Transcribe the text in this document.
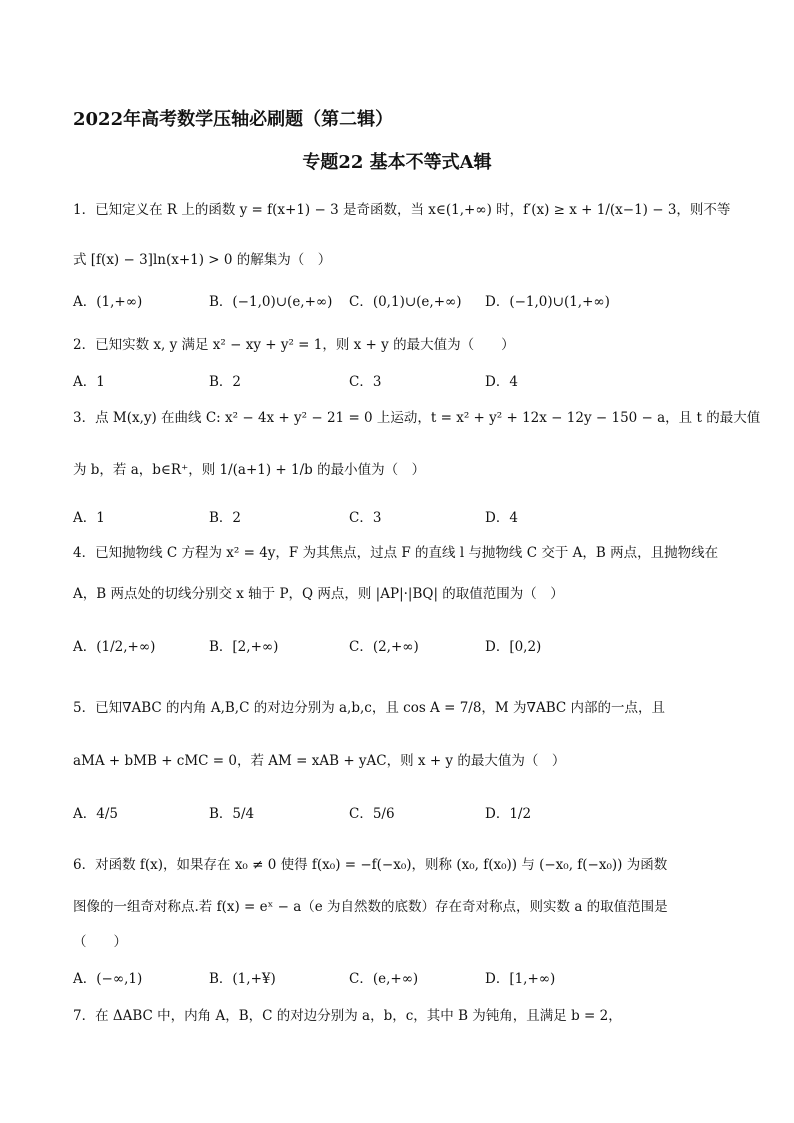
2022年高考数学压轴必刷题（第二辑）
专题22 基本不等式A辑
1．已知定义在 R 上的函数 y = f(x+1) − 3 是奇函数，当 x∈(1,+∞) 时，f′(x) ≥ x + 1/(x−1) − 3，则不等
式 [f(x) − 3]ln(x+1) > 0 的解集为（　）
A．(1,+∞)	B．(−1,0)∪(e,+∞) C．(0,1)∪(e,+∞) D．(−1,0)∪(1,+∞)
2．已知实数 x, y 满足 x² − xy + y² = 1，则 x + y 的最大值为（　　）
A．1	B．2	C．3	D．4
3．点 M(x,y) 在曲线 C: x² − 4x + y² − 21 = 0 上运动，t = x² + y² + 12x − 12y − 150 − a，且 t 的最大值
为 b，若 a，b∈R⁺，则 1/(a+1) + 1/b 的最小值为（　）
A．1	B．2	C．3	D．4
4．已知抛物线 C 方程为 x² = 4y，F 为其焦点，过点 F 的直线 l 与抛物线 C 交于 A，B 两点，且抛物线在
A，B 两点处的切线分别交 x 轴于 P，Q 两点，则 |AP|·|BQ| 的取值范围为（　）
A．(1/2,+∞)	B．[2,+∞)	C．(2,+∞)	D．[0,2)
5．已知∇ABC 的内角 A,B,C 的对边分别为 a,b,c，且 cos A = 7/8，M 为∇ABC 内部的一点，且
aMA + bMB + cMC = 0，若 AM = xAB + yAC，则 x + y 的最大值为（　）
A．4/5	B．5/4	C．5/6	D．1/2
6．对函数 f(x)，如果存在 x₀ ≠ 0 使得 f(x₀) = −f(−x₀)，则称 (x₀, f(x₀)) 与 (−x₀, f(−x₀)) 为函数
图像的一组奇对称点.若 f(x) = eˣ − a（e 为自然数的底数）存在奇对称点，则实数 a 的取值范围是
（　　）
A．(−∞,1)	B．(1,+¥)	C．(e,+∞)	D．[1,+∞)
7．在 ΔABC 中，内角 A，B，C 的对边分别为 a，b，c，其中 B 为钝角，且满足 b = 2，
